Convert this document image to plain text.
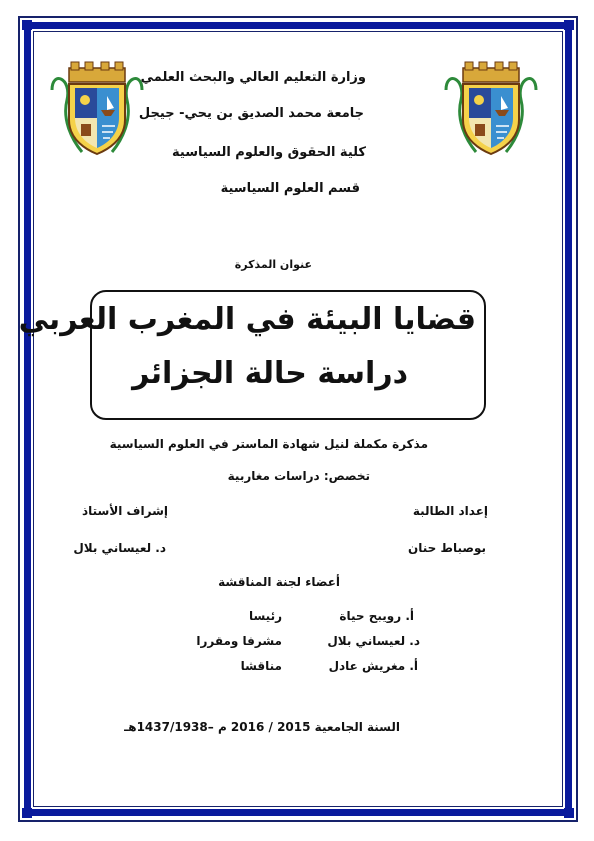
وزارة التعليم العالي والبحث العلمي
جامعة محمد الصديق بن يحي- جيجل
كلية الحقوق والعلوم السياسية
قسم العلوم السياسية
عنوان المذكرة
قضايا البيئة في المغرب العربي
دراسة حالة الجزائر
مذكرة مكملة لنيل شهادة الماستر في العلوم السياسية
تخصص: دراسات مغاربية
إعداد الطالبة
إشراف الأستاذ
بوصباط حنان
د. لعيساني بلال
أعضاء لجنة المناقشة
أ. رويبح حياة
رئيسا
د. لعيساني بلال
مشرفا ومقررا
أ. مغريش عادل
مناقشا
السنة الجامعية 2015 / 2016 م –1437/1938هـ
